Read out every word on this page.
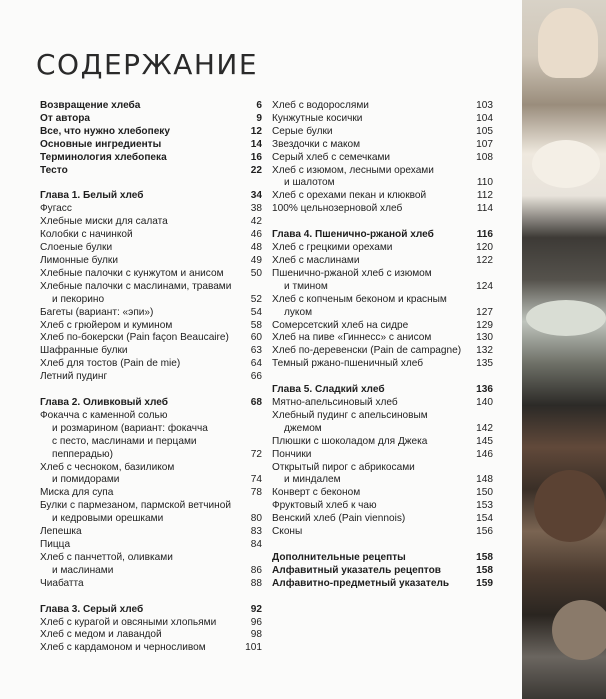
СОДЕРЖАНИЕ
Возвращение хлеба	6
От автора	9
Все, что нужно хлебопеку	12
Основные ингредиенты	14
Терминология хлебопека	16
Тесто	22
Глава 1. Белый хлеб	34
Фугасс	38
Хлебные миски для салата	42
Колобки с начинкой	46
Слоеные булки	48
Лимонные булки	49
Хлебные палочки с кунжутом и анисом	50
Хлебные палочки с маслинами, травами
и пекорино	52
Багеты (вариант: «эпи»)	54
Хлеб с грюйером и кумином	58
Хлеб по-бокерски (Pain façon Beaucaire)	60
Шафранные булки	63
Хлеб для тостов (Pain de mie)	64
Летний пудинг	66
Глава 2. Оливковый хлеб	68
Фокачча с каменной солью
и розмарином (вариант: фокачча
с песто, маслинами и перцами
пепперадью)	72
Хлеб с чесноком, базиликом
и помидорами	74
Миска для супа	78
Булки с пармезаном, пармской ветчиной
и кедровыми орешками	80
Лепешка	83
Пицца	84
Хлеб с панчеттой, оливками
и маслинами	86
Чиабатта	88
Глава 3. Серый хлеб	92
Хлеб с курагой и овсяными хлопьями	96
Хлеб с медом и лавандой	98
Хлеб с кардамоном и черносливом	101
Хлеб с водорослями	103
Кунжутные косички	104
Серые булки	105
Звездочки с маком	107
Серый хлеб с семечками	108
Хлеб с изюмом, лесными орехами
и шалотом	110
Хлеб с орехами пекан и клюквой	112
100% цельнозерновой хлеб	114
Глава 4. Пшенично-ржаной хлеб	116
Хлеб с грецкими орехами	120
Хлеб с маслинами	122
Пшенично-ржаной хлеб с изюмом
и тмином	124
Хлеб с копченым беконом и красным
луком	127
Сомерсетский хлеб на сидре	129
Хлеб на пиве «Гиннесс» с анисом	130
Хлеб по-деревенски (Pain de campagne)	132
Темный ржано-пшеничный хлеб	135
Глава 5. Сладкий хлеб	136
Мятно-апельсиновый хлеб	140
Хлебный пудинг с апельсиновым
джемом	142
Плюшки с шоколадом для Джека	145
Пончики	146
Открытый пирог с абрикосами
и миндалем	148
Конверт с беконом	150
Фруктовый хлеб к чаю	153
Венский хлеб (Pain viennois)	154
Сконы	156
Дополнительные рецепты	158
Алфавитный указатель рецептов	158
Алфавитно-предметный указатель	159
